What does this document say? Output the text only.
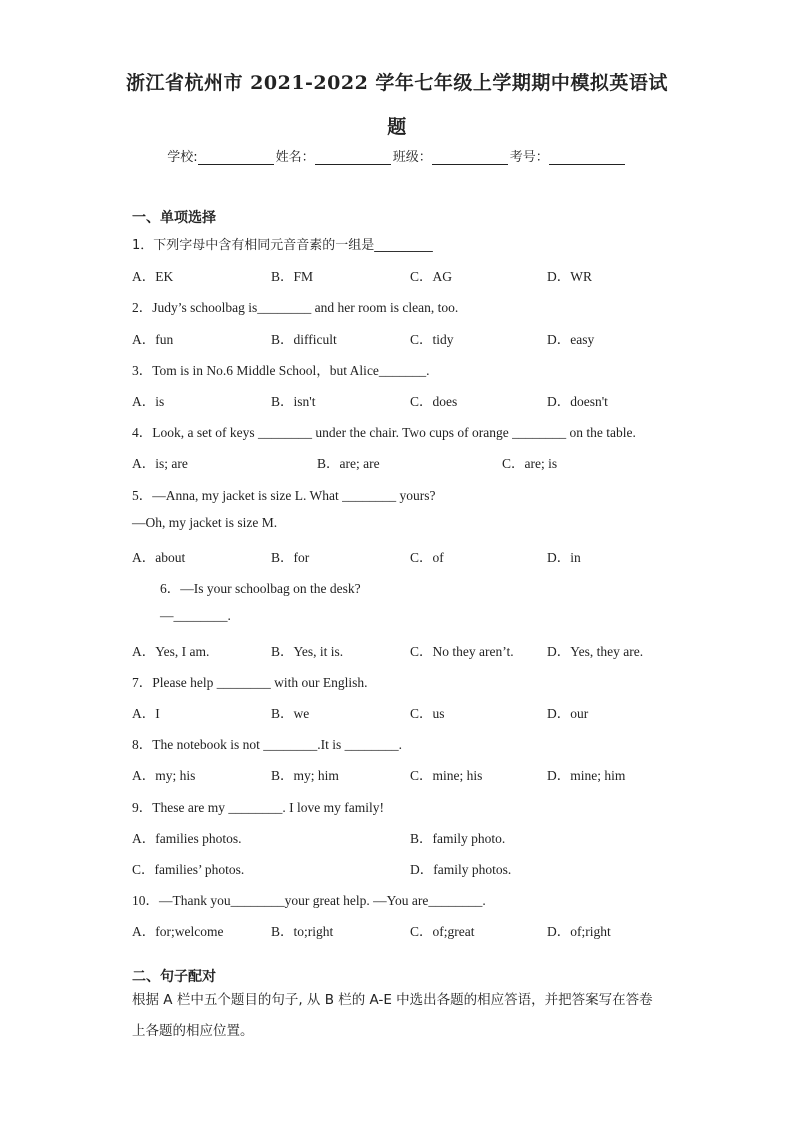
浙江省杭州市 2021-2022 学年七年级上学期期中模拟英语试
题
学校:	姓名：	班级：	考号：
一、单项选择
1．下列字母中含有相同元音音素的一组是_________
A．EK	B．FM	C．AG	D．WR
2．Judy’s schoolbag is________ and her room is clean, too.
A．fun	B．difficult	C．tidy	D．easy
3．Tom is in No.6 Middle School，but Alice_______.
A．is	B．isn't	C．does	D．doesn't
4．Look, a set of keys ________ under the chair. Two cups of orange ________ on the table.
A．is; are	B．are; are	C．are; is
5．—Anna, my jacket is size L. What ________ yours?
—Oh, my jacket is size M.
A．about	B．for	C．of	D．in
6．—Is your schoolbag on the desk?
—________.
A．Yes, I am.	B．Yes, it is.	C．No they aren’t. D．Yes, they are.
7．Please help ________ with our English.
A．I	B．we	C．us	D．our
8．The notebook is not ________.It is ________.
A．my; his	B．my; him	C．mine; his	D．mine; him
9．These are my ________. I love my family!
A．families photos.	B．family photo.
C．families’ photos.	D．family photos.
10．—Thank you________your great help. —You are________.
A．for;welcome	B．to;right	C．of;great	D．of;right
二、句子配对
根据 A 栏中五个题目的句子, 从 B 栏的 A-E 中选出各题的相应答语，并把答案写在答卷上各题的相应位置。
